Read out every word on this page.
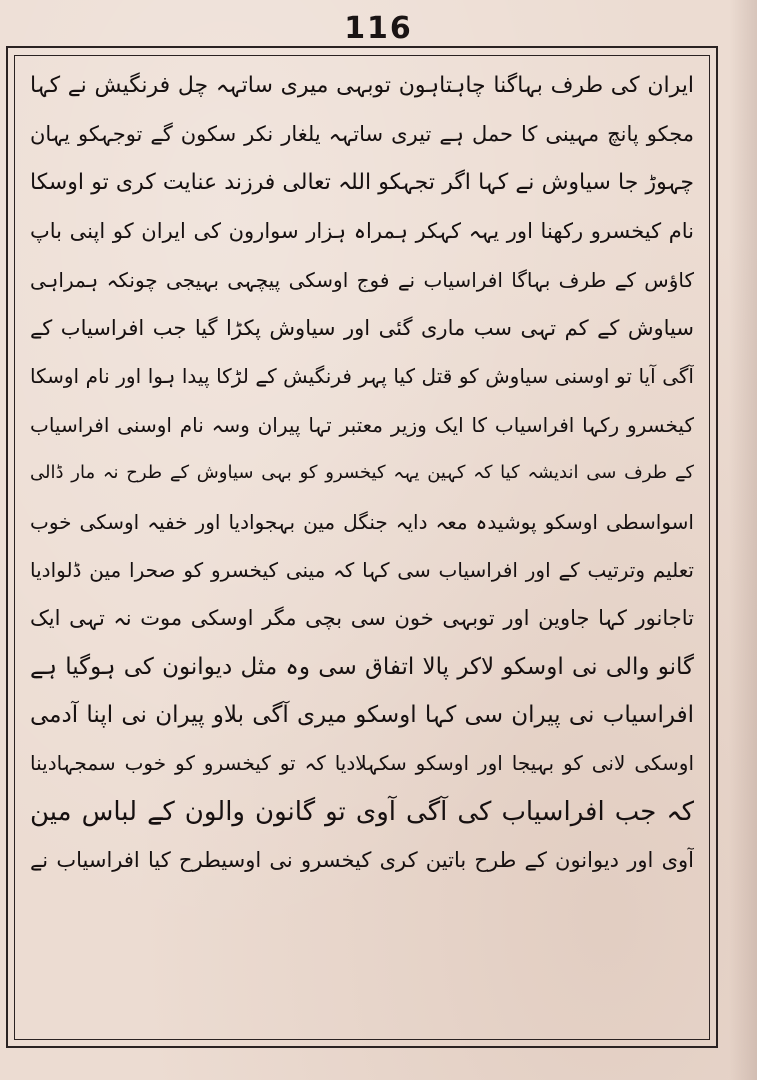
116

ایران کی طرف بہاگنا چاہتاہون توبہی میری ساتہہ چل فرنگیش نے کہا

مجکو پانچ مہینی کا حمل ہے تیری ساتہہ یلغار نکر سکون گے توجہکو یہان

چہوڑ جا سیاوش نے کہا اگر تجہکو اللہ تعالی فرزند عنایت کری تو اوسکا

نام کیخسرو رکھنا اور یہہ کہکر ہمراہ ہزار سوارون کی ایران کو اپنی باپ

کاؤس کے طرف بہاگا افراسیاب نے فوج اوسکی پیچہی بہیجی چونکہ ہمراہی

سیاوش کے کم تہی سب ماری گئی اور سیاوش پکڑا گیا جب افراسیاب کے

آگی آیا تو اوسنی سیاوش کو قتل کیا پہر فرنگیش کے لڑکا پیدا ہوا اور نام اوسکا

کیخسرو رکہا افراسیاب کا ایک وزیر معتبر تہا پیران وسہ نام اوسنی افراسیاب

کے طرف سی اندیشہ کیا کہ کہین یہہ کیخسرو کو بہی سیاوش کے طرح نہ مار ڈالی

اسواسطی اوسکو پوشیدہ معہ دایہ جنگل مین بہجوادیا اور خفیہ اوسکی خوب

تعلیم وترتیب کے اور افراسیاب سی کہا کہ مینی کیخسرو کو صحرا مین ڈلوادیا

تاجانور کہا جاوین اور توبہی خون سی بچی مگر اوسکی موت نہ تہی ایک

گانو والی نی اوسکو لاکر پالا اتفاق سی وہ مثل دیوانون کی ہوگیا ہے

افراسیاب نی پیران سی کہا اوسکو میری آگی بلاو پیران نی اپنا آدمی

اوسکی لانی کو بہیجا اور اوسکو سکہلادیا کہ تو کیخسرو کو خوب سمجہادینا

کہ جب افراسیاب کی آگی آوی تو گانون والون کے لباس مین

آوی اور دیوانون کے طرح باتین کری کیخسرو نی اوسیطرح کیا افراسیاب نے
